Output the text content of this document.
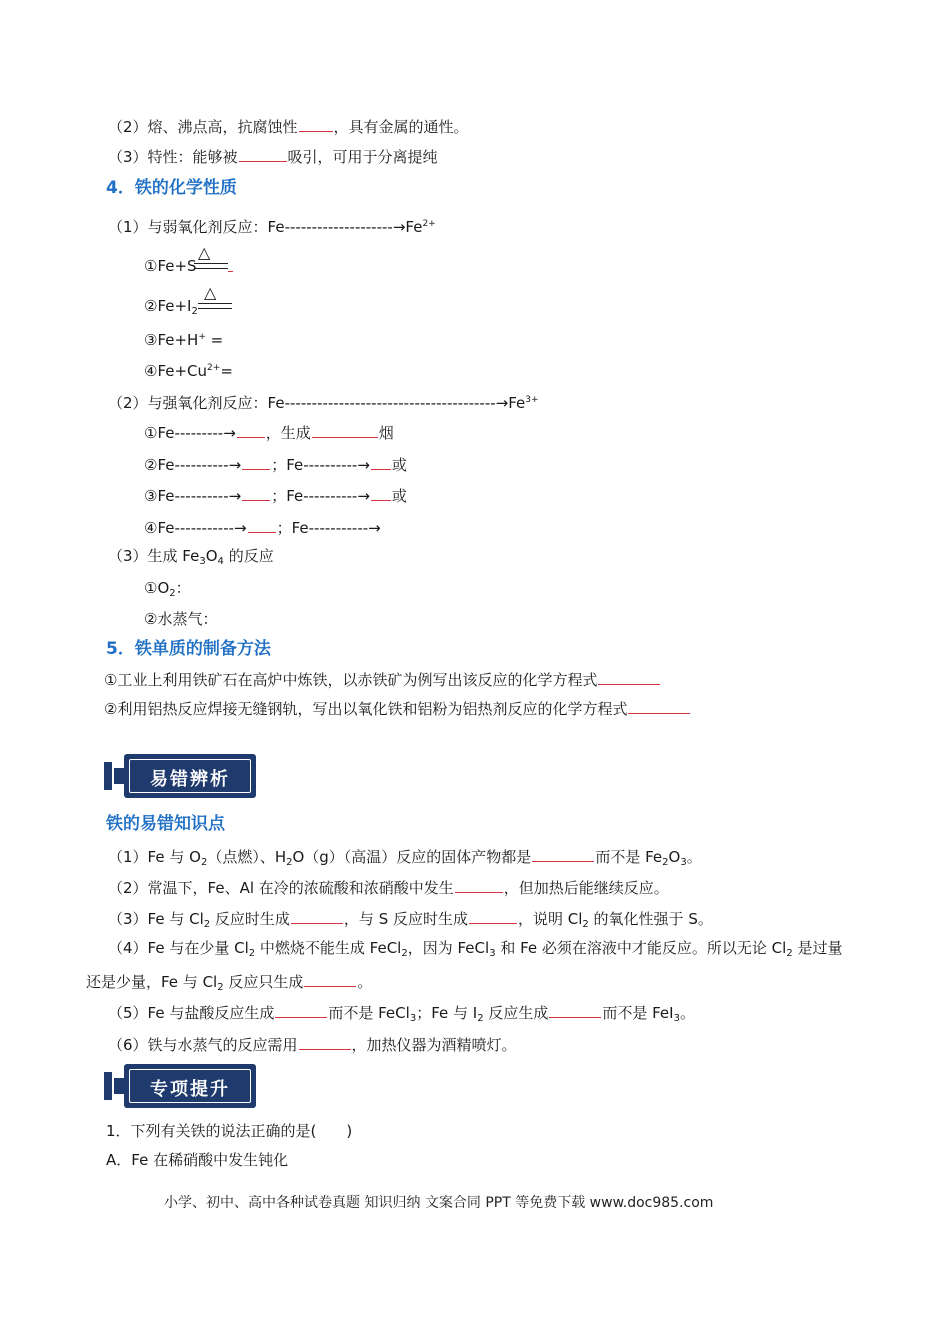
（2）熔、沸点高，抗腐蚀性 ，具有金属的通性。
（3）特性：能够被	吸引，可用于分离提纯
4．铁的化学性质
（1）与弱氧化剂反应：$Fe--------------------\to Fe^{2+}$
①Fe+S
△
$②Fe+I_2$
△
③Fe+H+ =
$④Fe+Cu^{2+}=$
（2）与强氧化剂反应：$Fe---------------------------------------\to Fe^{3+}$
①Fe---------→ ，生成	烟
②Fe----------→ ；Fe----------→ 或
③Fe----------→ ；Fe----------→ 或
④Fe-----------→ ；Fe-----------→
（3）生成 $Fe_3O_4$ 的反应
$①O_2$：
②水蒸气：
5．铁单质的制备方法
①工业上利用铁矿石在高炉中炼铁，以赤铁矿为例写出该反应的化学方程式
②利用铝热反应焊接无缝钢轨，写出以氧化铁和铝粉为铝热剂反应的化学方程式
易错辨析
铁的易错知识点
（1）Fe 与 $O_2$（点燃）、$H_2O(g)$（高温）反应的固体产物都是	而不是 $Fe_2O_3$。
（2）常温下，Fe、Al 在冷的浓硫酸和浓硝酸中发生	，但加热后能继续反应。
（3）Fe 与 $Cl_2$ 反应时生成	，与 S 反应时生成	，说明 $Cl_2$ 的氧化性强于 S。
（4）Fe 与在少量 $Cl_2$ 中燃烧不能生成 FeCl$_2$，因为 FeCl$_3$ 和 Fe 必须在溶液中才能反应。所以无论 $Cl_2$ 是过量
还是少量，Fe 与 $Cl_2$ 反应只生成	。
（5）Fe 与盐酸反应生成	而不是 FeCl$_3$；Fe 与 $I_2$ 反应生成	而不是 FeI$_3$。
（6）铁与水蒸气的反应需用	，加热仪器为酒精喷灯。
专项提升
1．下列有关铁的说法正确的是(　　)
A．Fe 在稀硝酸中发生钝化
小学、初中、高中各种试卷真题 知识归纳 文案合同 PPT 等免费下载 www.doc985.com
